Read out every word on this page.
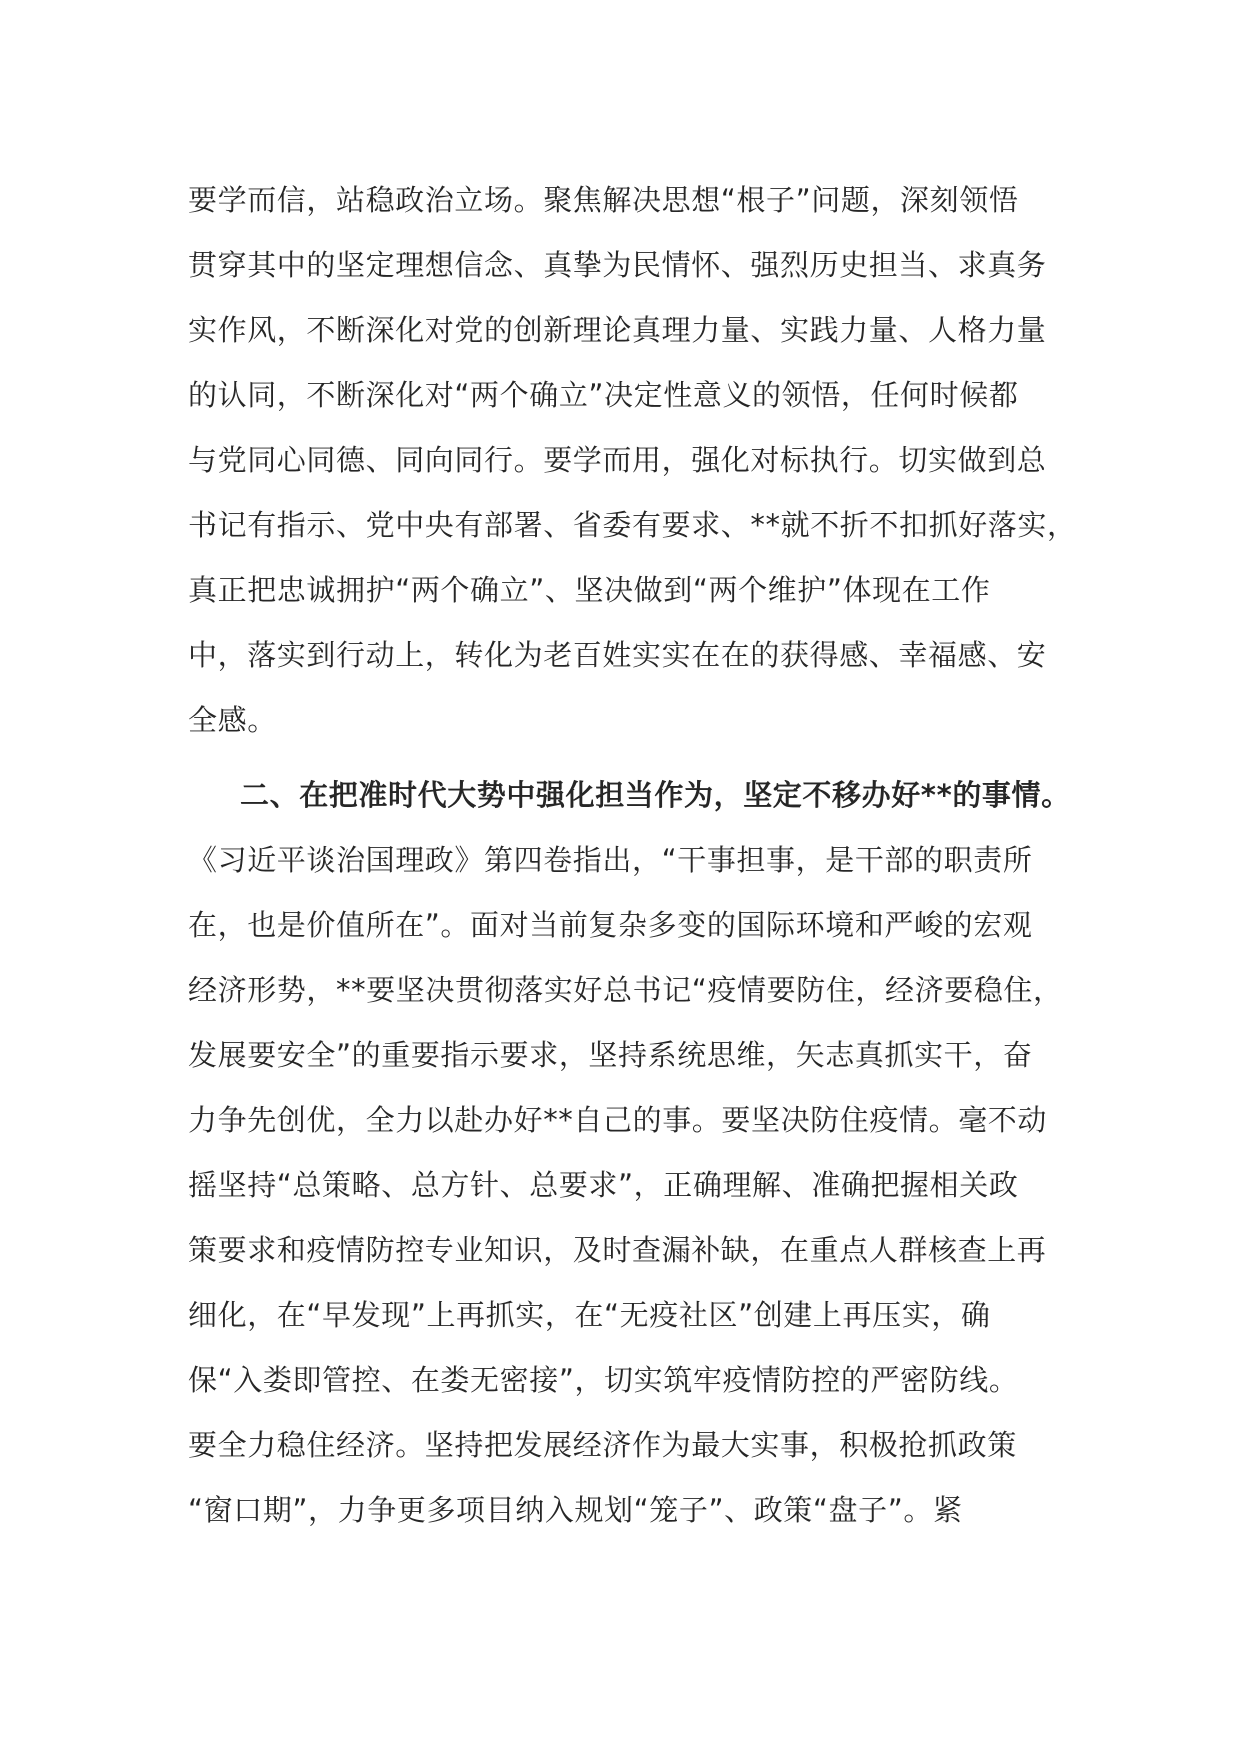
要学而信，站稳政治立场。聚焦解决思想“根子”问题，深刻领悟
贯穿其中的坚定理想信念、真挚为民情怀、强烈历史担当、求真务
实作风，不断深化对党的创新理论真理力量、实践力量、人格力量
的认同，不断深化对“两个确立”决定性意义的领悟，任何时候都
与党同心同德、同向同行。要学而用，强化对标执行。切实做到总
书记有指示、党中央有部署、省委有要求、**就不折不扣抓好落实，
真正把忠诚拥护“两个确立”、坚决做到“两个维护”体现在工作
中，落实到行动上，转化为老百姓实实在在的获得感、幸福感、安
全感。
二、在把准时代大势中强化担当作为，坚定不移办好**的事情。
《习近平谈治国理政》第四卷指出，“干事担事，是干部的职责所
在，也是价值所在”。面对当前复杂多变的国际环境和严峻的宏观
经济形势，**要坚决贯彻落实好总书记“疫情要防住，经济要稳住，
发展要安全”的重要指示要求，坚持系统思维，矢志真抓实干，奋
力争先创优，全力以赴办好**自己的事。要坚决防住疫情。毫不动
摇坚持“总策略、总方针、总要求”，正确理解、准确把握相关政
策要求和疫情防控专业知识，及时查漏补缺，在重点人群核查上再
细化，在“早发现”上再抓实，在“无疫社区”创建上再压实，确
保“入娄即管控、在娄无密接”，切实筑牢疫情防控的严密防线。
要全力稳住经济。坚持把发展经济作为最大实事，积极抢抓政策
“窗口期”，力争更多项目纳入规划“笼子”、政策“盘子”。紧
